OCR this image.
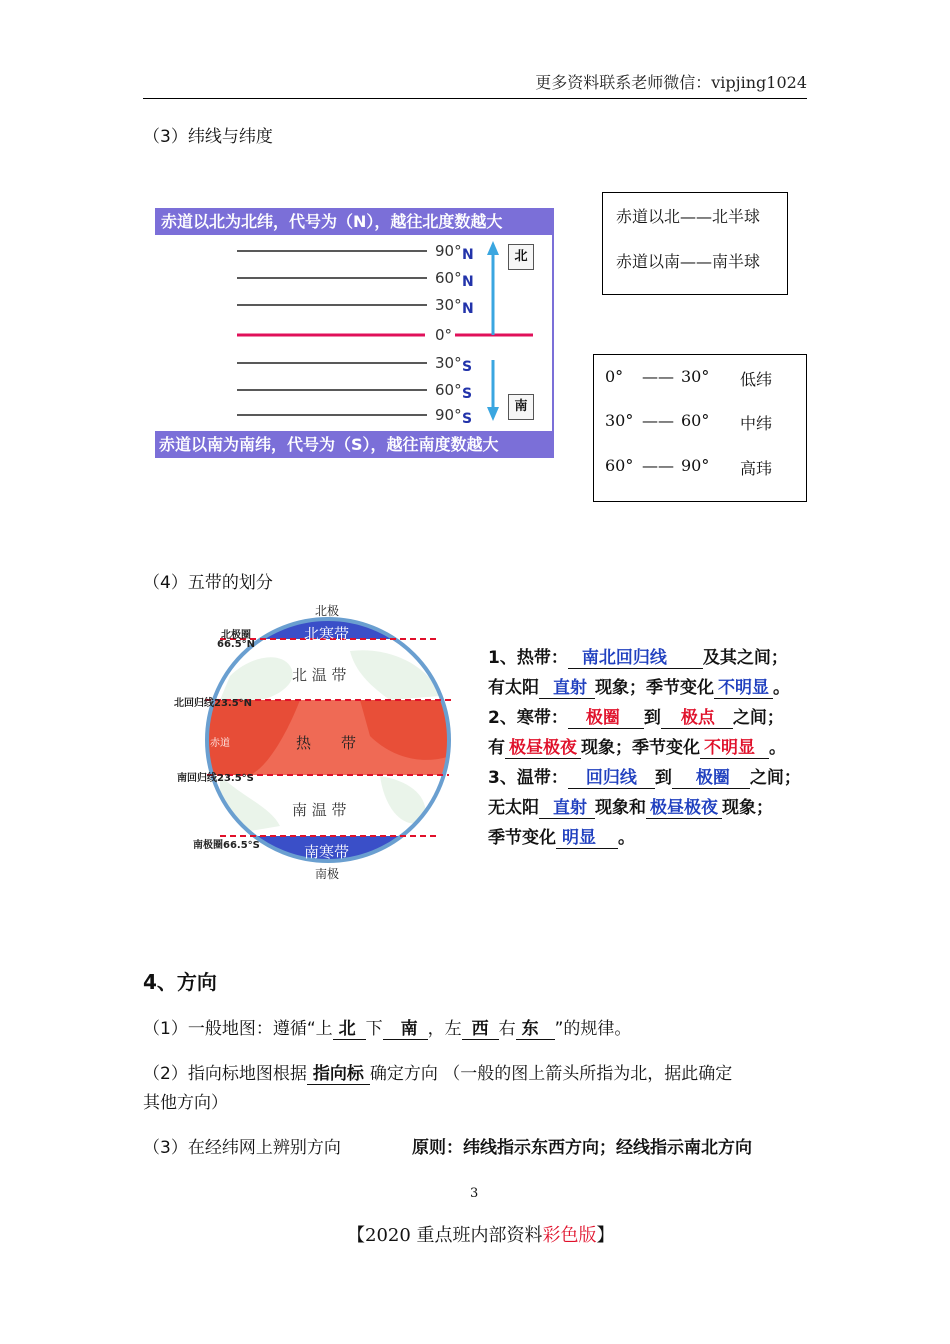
更多资料联系老师微信：vipjing1024
（3）纬线与纬度
赤道以北为北纬，代号为（N），越往北度数越大
90° N
60° N
30° N
0°
30° S
60° S
90° S
北
南
赤道以南为南纬，代号为（S），越往南度数越大
赤道以北——北半球
赤道以南——南半球
0° —— 30° 低纬
30° —— 60° 中纬
60° —— 90° 高玮
（4）五带的划分
北极
南极
北极圈
66.5°N
北回归线23.5°N
赤道
南回归线23.5°S
南极圈66.5°S
北寒带
北 温 带
热　　带
南 温 带
南寒带
1、热带： 南北回归线 及其之间；
有太阳 直射 现象；季节变化 不明显 。
2、寒带： 极圈 到 极点 之间；
有 极昼极夜 现象；季节变化 不明显 。
3、温带： 回归线 到 极圈 之间；
无太阳 直射 现象和 极昼极夜 现象；
季节变化 明显 。
4、方向
（1）一般地图：遵循“上 北 下 南 ，左 西 右 东 ”的规律。
（2）指向标地图根据 指向标 确定方向 （一般的图上箭头所指为北，据此确定
其他方向）
（3）在经纬网上辨别方向	原则：纬线指示东西方向；经线指示南北方向
3
【2020 重点班内部资料彩色版】
